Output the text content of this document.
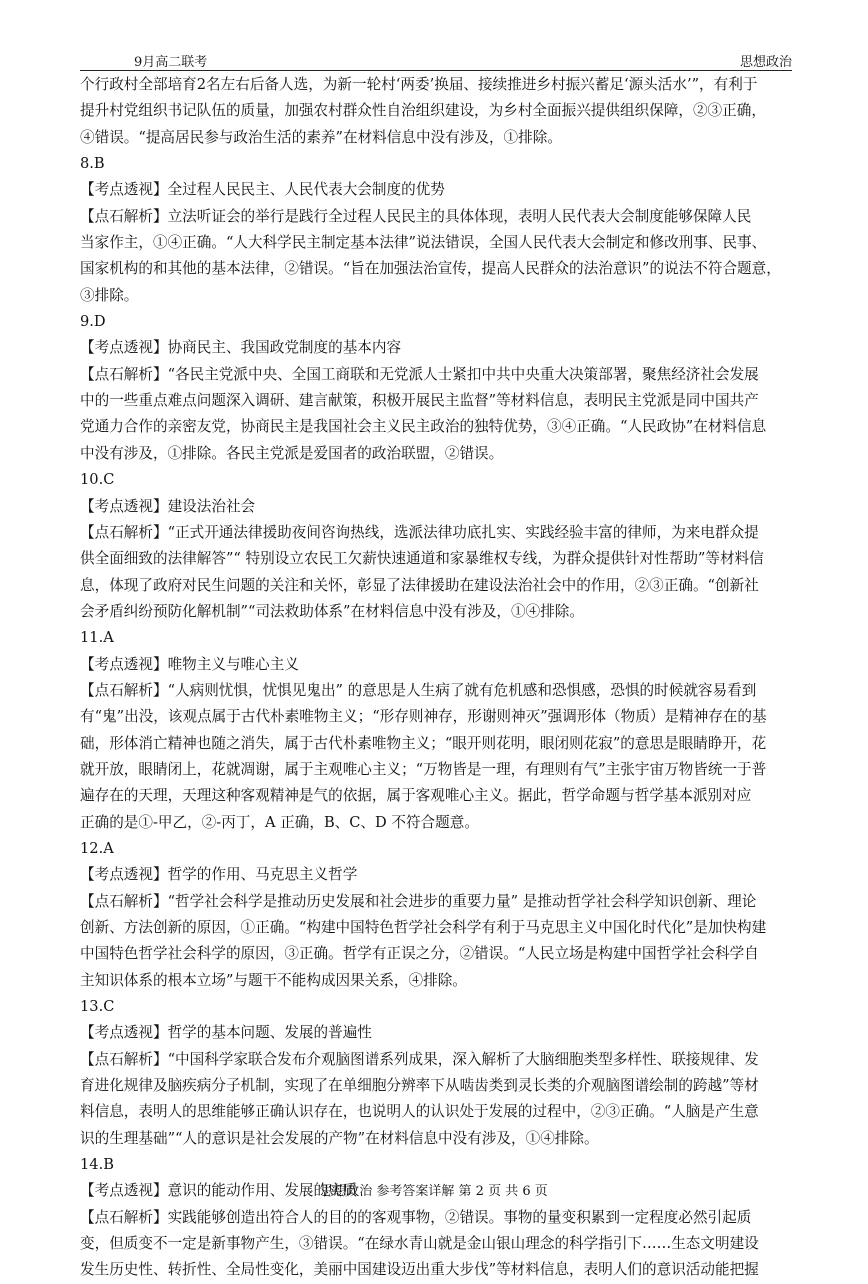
9月高二联考	思想政治

个行政村全部培育2名左右后备人选，为新一轮村‘两委’换届、接续推进乡村振兴蓄足‘源头活水’”，有利于

提升村党组织书记队伍的质量，加强农村群众性自治组织建设，为乡村全面振兴提供组织保障，②③正确，

④错误。“提高居民参与政治生活的素养”在材料信息中没有涉及，①排除。

8.B

【考点透视】全过程人民民主、人民代表大会制度的优势

【点石解析】立法听证会的举行是践行全过程人民民主的具体体现，表明人民代表大会制度能够保障人民

当家作主，①④正确。“人大科学民主制定基本法律”说法错误，全国人民代表大会制定和修改刑事、民事、

国家机构的和其他的基本法律，②错误。“旨在加强法治宣传，提高人民群众的法治意识”的说法不符合题意，

③排除。

9.D

【考点透视】协商民主、我国政党制度的基本内容

【点石解析】“各民主党派中央、全国工商联和无党派人士紧扣中共中央重大决策部署，聚焦经济社会发展

中的一些重点难点问题深入调研、建言献策，积极开展民主监督”等材料信息，表明民主党派是同中国共产

党通力合作的亲密友党，协商民主是我国社会主义民主政治的独特优势，③④正确。“人民政协”在材料信息

中没有涉及，①排除。各民主党派是爱国者的政治联盟，②错误。

10.C

【考点透视】建设法治社会

【点石解析】“正式开通法律援助夜间咨询热线，选派法律功底扎实、实践经验丰富的律师，为来电群众提

供全面细致的法律解答”“ 特别设立农民工欠薪快速通道和家暴维权专线，为群众提供针对性帮助”等材料信

息，体现了政府对民生问题的关注和关怀，彰显了法律援助在建设法治社会中的作用，②③正确。“创新社

会矛盾纠纷预防化解机制”“司法救助体系”在材料信息中没有涉及，①④排除。

11.A

【考点透视】唯物主义与唯心主义

【点石解析】“人病则忧惧，忧惧见鬼出” 的意思是人生病了就有危机感和恐惧感，恐惧的时候就容易看到

有“鬼”出没，该观点属于古代朴素唯物主义；“形存则神存，形谢则神灭”强调形体（物质）是精神存在的基

础，形体消亡精神也随之消失，属于古代朴素唯物主义；“眼开则花明，眼闭则花寂”的意思是眼睛睁开，花

就开放，眼睛闭上，花就凋谢，属于主观唯心主义；“万物皆是一理，有理则有气”主张宇宙万物皆统一于普

遍存在的天理，天理这种客观精神是气的依据，属于客观唯心主义。据此，哲学命题与哲学基本派别对应

正确的是①-甲乙，②-丙丁，A 正确，B、C、D 不符合题意。

12.A

【考点透视】哲学的作用、马克思主义哲学

【点石解析】“哲学社会科学是推动历史发展和社会进步的重要力量” 是推动哲学社会科学知识创新、理论

创新、方法创新的原因，①正确。“构建中国特色哲学社会科学有利于马克思主义中国化时代化”是加快构建

中国特色哲学社会科学的原因，③正确。哲学有正误之分，②错误。“人民立场是构建中国哲学社会科学自

主知识体系的根本立场”与题干不能构成因果关系，④排除。

13.C

【考点透视】哲学的基本问题、发展的普遍性

【点石解析】“中国科学家联合发布介观脑图谱系列成果，深入解析了大脑细胞类型多样性、联接规律、发

育进化规律及脑疾病分子机制，实现了在单细胞分辨率下从啮齿类到灵长类的介观脑图谱绘制的跨越”等材

料信息，表明人的思维能够正确认识存在，也说明人的认识处于发展的过程中，②③正确。“人脑是产生意

识的生理基础”“人的意识是社会发展的产物”在材料信息中没有涉及，①④排除。

14.B

【考点透视】意识的能动作用、发展的实质

【点石解析】实践能够创造出符合人的目的的客观事物，②错误。事物的量变积累到一定程度必然引起质

变，但质变不一定是新事物产生，③错误。“在绿水青山就是金山银山理念的科学指引下……生态文明建设

发生历史性、转折性、全局性变化，美丽中国建设迈出重大步伐”等材料信息，表明人们的意识活动能把握

思想政治 参考答案详解 第 2 页 共 6 页
